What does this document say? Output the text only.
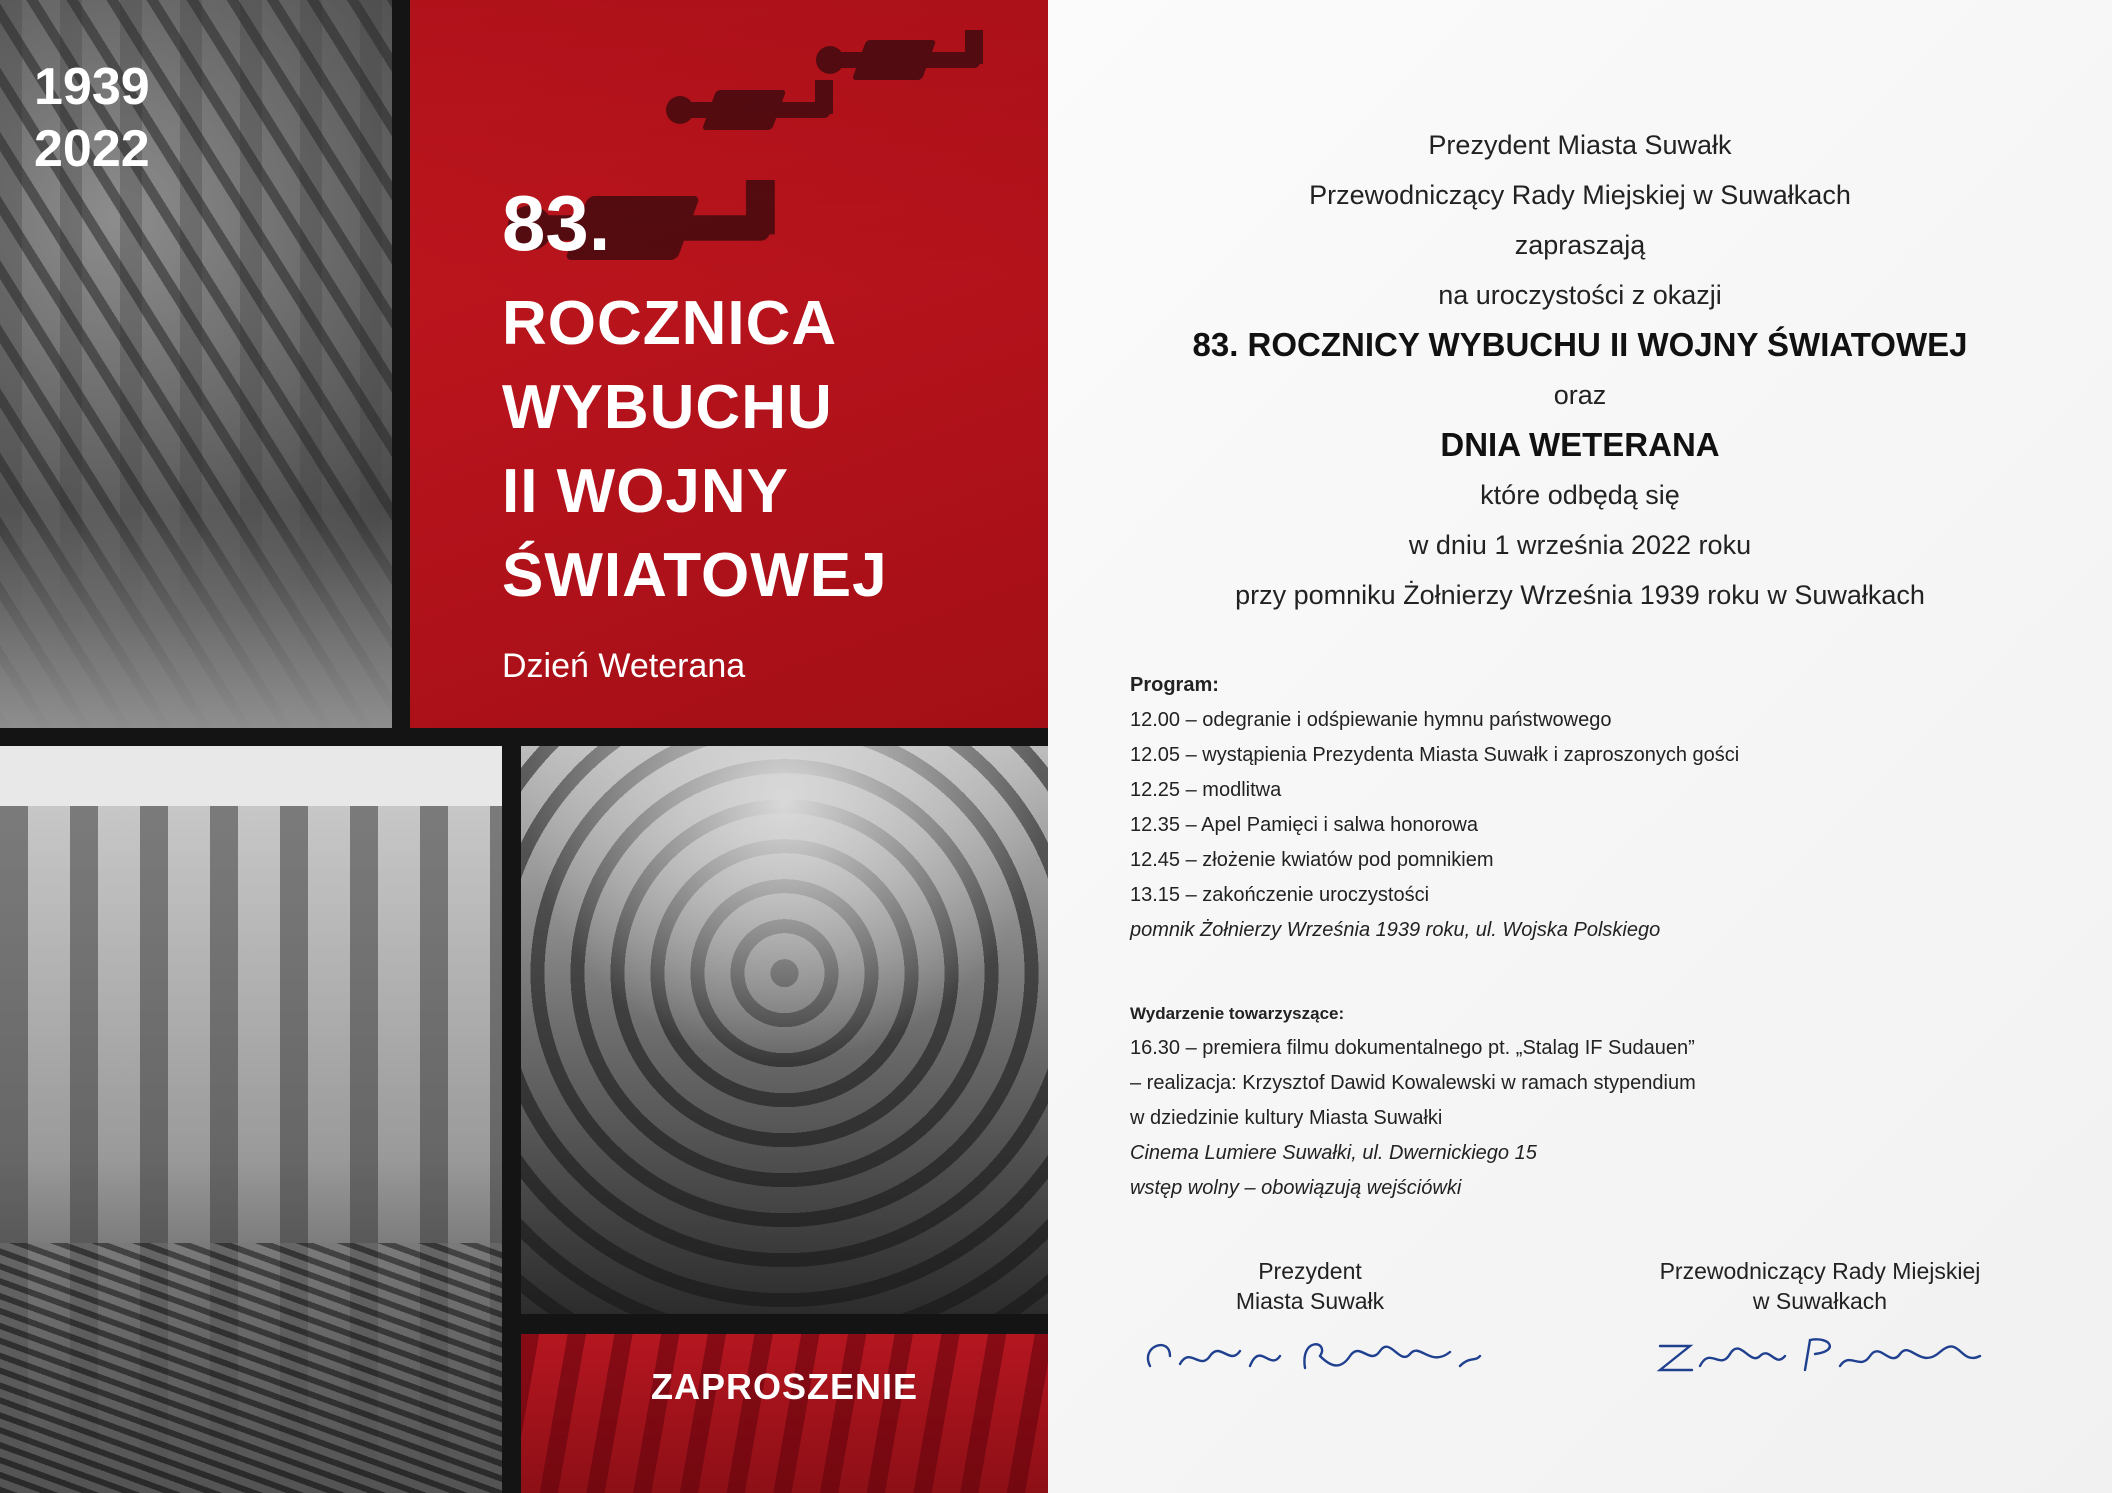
1939
2022
83.
ROCZNICA
WYBUCHU
II WOJNY
ŚWIATOWEJ
Dzień Weterana
ZAPROSZENIE

Prezydent Miasta Suwałk

Przewodniczący Rady Miejskiej w Suwałkach

zapraszają

na uroczystości z okazji

83. ROCZNICY WYBUCHU II WOJNY ŚWIATOWEJ

oraz

DNIA WETERANA

które odbędą się

w dniu 1 września 2022 roku

przy pomniku Żołnierzy Września 1939 roku w Suwałkach

Program:
12.00 – odegranie i odśpiewanie hymnu państwowego
12.05 – wystąpienia Prezydenta Miasta Suwałk i zaproszonych gości
12.25 – modlitwa
12.35 – Apel Pamięci i salwa honorowa
12.45 – złożenie kwiatów pod pomnikiem
13.15 – zakończenie uroczystości
pomnik Żołnierzy Września 1939 roku, ul. Wojska Polskiego
Wydarzenie towarzyszące:
16.30 – premiera filmu dokumentalnego pt. „Stalag IF Sudauen”
– realizacja: Krzysztof Dawid Kowalewski w ramach stypendium
w dziedzinie kultury Miasta Suwałki
Cinema Lumiere Suwałki, ul. Dwernickiego 15
wstęp wolny – obowiązują wejściówki
Prezydent
Miasta Suwałk
Przewodniczący Rady Miejskiej
w Suwałkach
